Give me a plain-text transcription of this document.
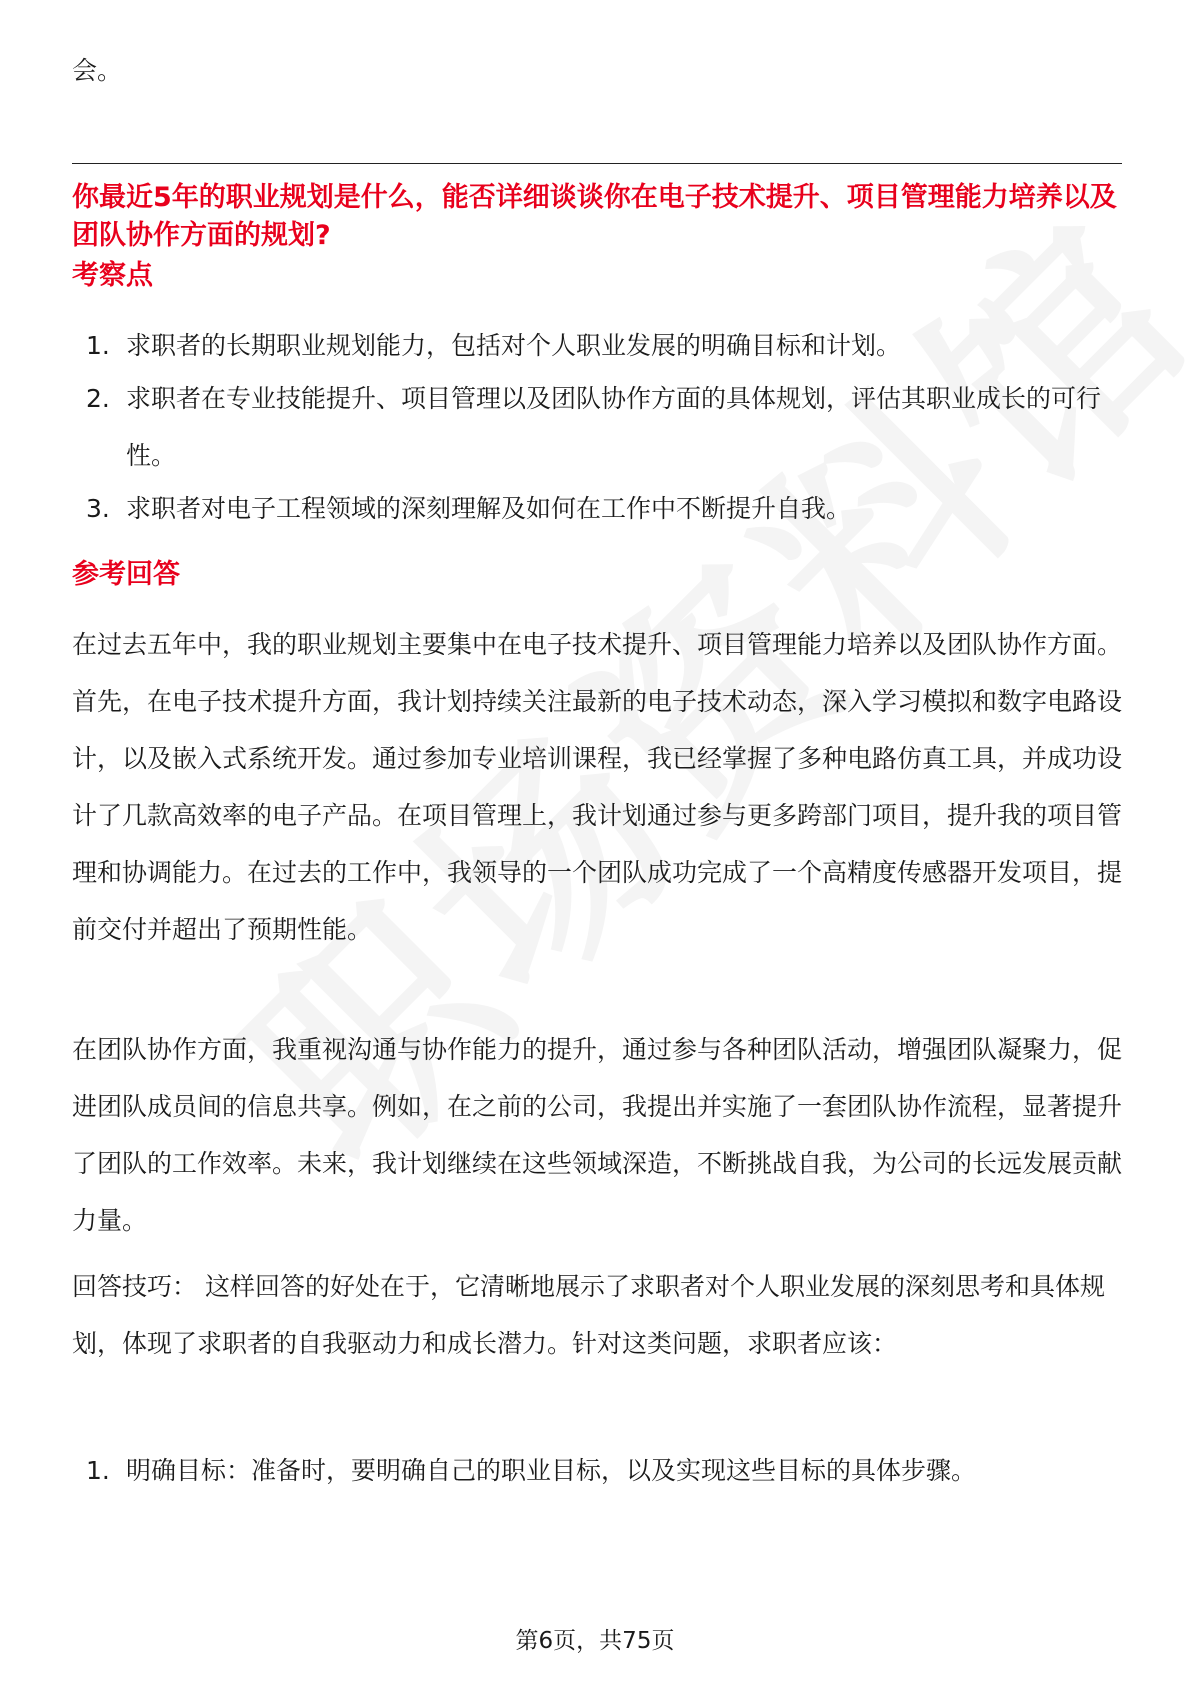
会。

你最近5年的职业规划是什么，能否详细谈谈你在电子技术提升、项目管理能力培养以及团队协作方面的规划?
考察点
1. 求职者的长期职业规划能力，包括对个人职业发展的明确目标和计划。
2. 求职者在专业技能提升、项目管理以及团队协作方面的具体规划，评估其职业成长的可行性。
3. 求职者对电子工程领域的深刻理解及如何在工作中不断提升自我。
参考回答

在过去五年中，我的职业规划主要集中在电子技术提升、项目管理能力培养以及团队协作方面。首先，在电子技术提升方面，我计划持续关注最新的电子技术动态，深入学习模拟和数字电路设计，以及嵌入式系统开发。通过参加专业培训课程，我已经掌握了多种电路仿真工具，并成功设计了几款高效率的电子产品。在项目管理上，我计划通过参与更多跨部门项目，提升我的项目管理和协调能力。在过去的工作中，我领导的一个团队成功完成了一个高精度传感器开发项目，提前交付并超出了预期性能。

在团队协作方面，我重视沟通与协作能力的提升，通过参与各种团队活动，增强团队凝聚力，促进团队成员间的信息共享。例如，在之前的公司，我提出并实施了一套团队协作流程，显著提升了团队的工作效率。未来，我计划继续在这些领域深造，不断挑战自我，为公司的长远发展贡献力量。

回答技巧： 这样回答的好处在于，它清晰地展示了求职者对个人职业发展的深刻思考和具体规划，体现了求职者的自我驱动力和成长潜力。针对这类问题，求职者应该：

1. 明确目标：准备时，要明确自己的职业目标，以及实现这些目标的具体步骤。
第6页，共75页
